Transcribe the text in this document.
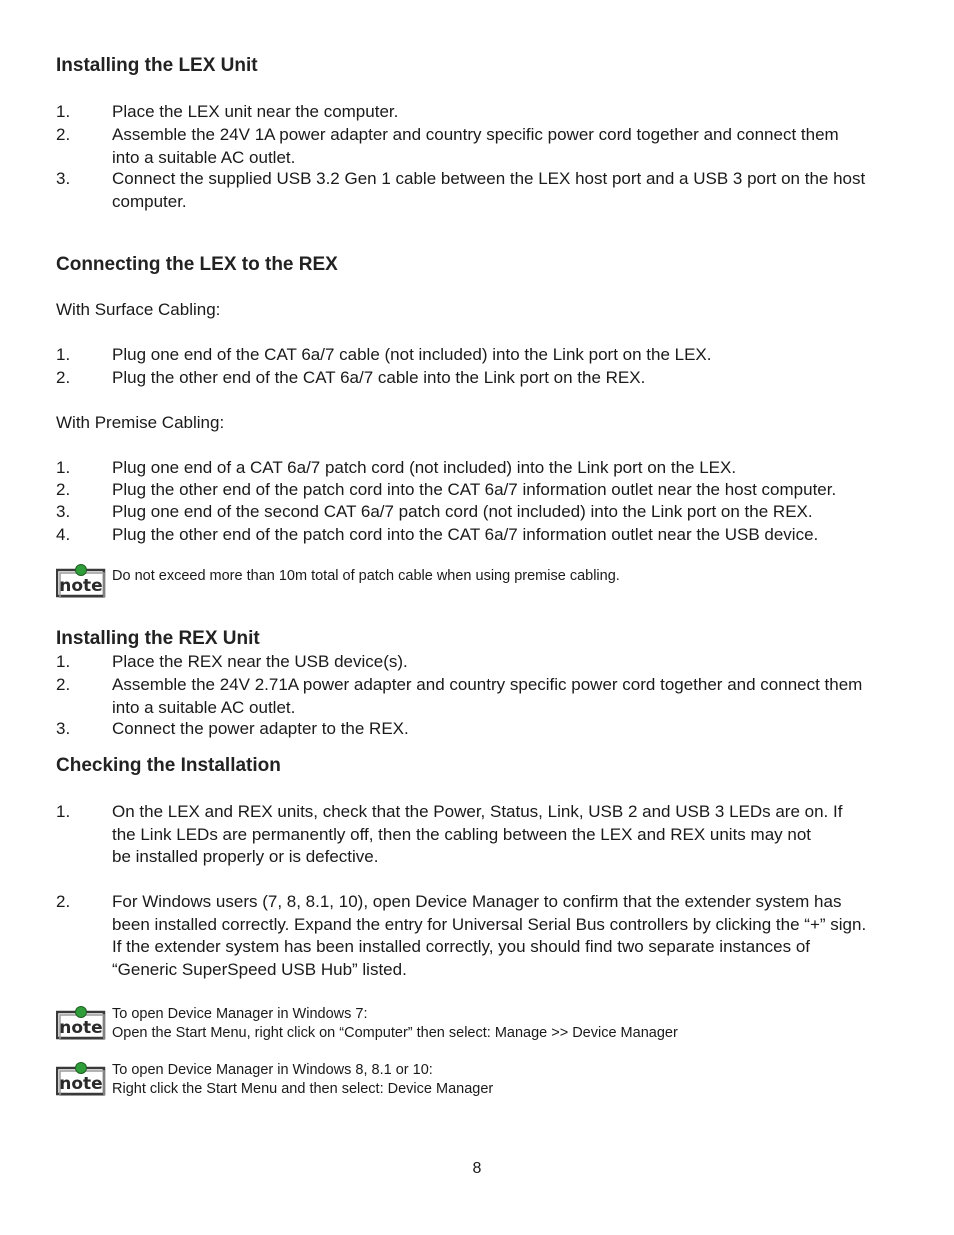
Installing the LEX Unit
1.	Place the LEX unit near the computer.
2.	Assemble the 24V 1A power adapter and country specific power cord together and connect them
into a suitable AC outlet.
3.	Connect the supplied USB 3.2 Gen 1 cable between the LEX host port and a USB 3 port on the host
computer.
Connecting the LEX to the REX
With Surface Cabling:
1.	Plug one end of the CAT 6a/7 cable (not included) into the Link port on the LEX.
2.	Plug the other end of the CAT 6a/7 cable into the Link port on the REX.
With Premise Cabling:
1.	Plug one end of a CAT 6a/7 patch cord (not included) into the Link port on the LEX.
2.	Plug the other end of the patch cord into the CAT 6a/7 information outlet near the host computer.
3.	Plug one end of the second CAT 6a/7 patch cord (not included) into the Link port on the REX.
4.	Plug the other end of the patch cord into the CAT 6a/7 information outlet near the USB device.
note Do not exceed more than 10m total of patch cable when using premise cabling.
Installing the REX Unit
1.	Place the REX near the USB device(s).
2.	Assemble the 24V 2.71A power adapter and country specific power cord together and connect them
into a suitable AC outlet.
3.	Connect the power adapter to the REX.
Checking the Installation
1.	On the LEX and REX units, check that the Power, Status, Link, USB 2 and USB 3 LEDs are on. If
the Link LEDs are permanently off, then the cabling between the LEX and REX units may not
be installed properly or is defective.
2.	For Windows users (7, 8, 8.1, 10), open Device Manager to confirm that the extender system has
been installed correctly. Expand the entry for Universal Serial Bus controllers by clicking the “+” sign.
If the extender system has been installed correctly, you should find two separate instances of
“Generic SuperSpeed USB Hub” listed.
note
To open Device Manager in Windows 7:
Open the Start Menu, right click on “Computer” then select: Manage >> Device Manager
note
To open Device Manager in Windows 8, 8.1 or 10:
Right click the Start Menu and then select: Device Manager
8
